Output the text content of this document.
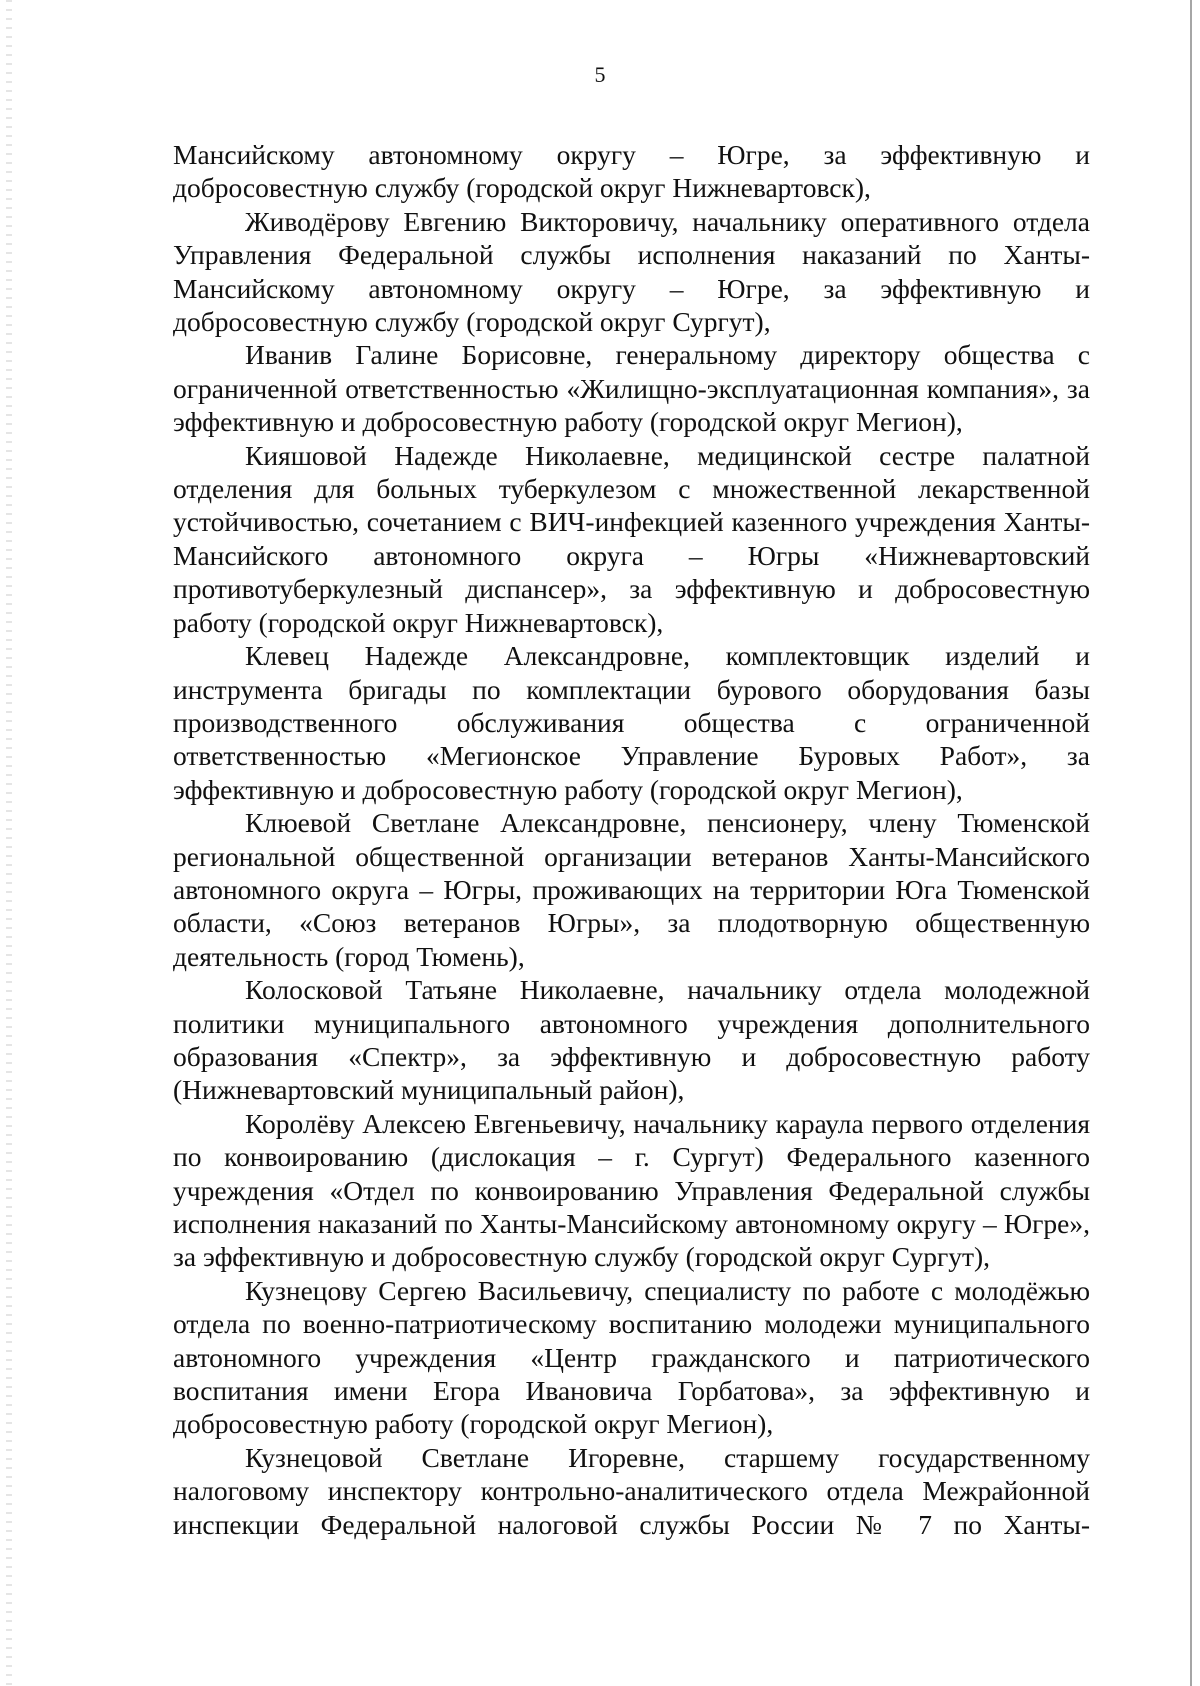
5

Мансийскому автономному округу – Югре, за эффективную и добросовестную службу (городской округ Нижневартовск),

Живодёрову Евгению Викторовичу, начальнику оперативного отдела Управления Федеральной службы исполнения наказаний по Ханты-Мансийскому автономному округу – Югре, за эффективную и добросовестную службу (городской округ Сургут),

Иванив Галине Борисовне, генеральному директору общества с ограниченной ответственностью «Жилищно-эксплуатационная компания», за эффективную и добросовестную работу (городской округ Мегион),

Кияшовой Надежде Николаевне, медицинской сестре палатной отделения для больных туберкулезом с множественной лекарственной устойчивостью, сочетанием с ВИЧ-инфекцией казенного учреждения Ханты-Мансийского автономного округа – Югры «Нижневартовский противотуберкулезный диспансер», за эффективную и добросовестную работу (городской округ Нижневартовск),

Клевец Надежде Александровне, комплектовщик изделий и инструмента бригады по комплектации бурового оборудования базы производственного обслуживания общества с ограниченной ответственностью «Мегионское Управление Буровых Работ», за эффективную и добросовестную работу (городской округ Мегион),

Клюевой Светлане Александровне, пенсионеру, члену Тюменской региональной общественной организации ветеранов Ханты-Мансийского автономного округа – Югры, проживающих на территории Юга Тюменской области, «Союз ветеранов Югры», за плодотворную общественную деятельность (город Тюмень),

Колосковой Татьяне Николаевне, начальнику отдела молодежной политики муниципального автономного учреждения дополнительного образования «Спектр», за эффективную и добросовестную работу (Нижневартовский муниципальный район),

Королёву Алексею Евгеньевичу, начальнику караула первого отделения по конвоированию (дислокация – г. Сургут) Федерального казенного учреждения «Отдел по конвоированию Управления Федеральной службы исполнения наказаний по Ханты-Мансийскому автономному округу – Югре», за эффективную и добросовестную службу (городской округ Сургут),

Кузнецову Сергею Васильевичу, специалисту по работе с молодёжью отдела по военно-патриотическому воспитанию молодежи муниципального автономного учреждения «Центр гражданского и патриотического воспитания имени Егора Ивановича Горбатова», за эффективную и добросовестную работу (городской округ Мегион),

Кузнецовой Светлане Игоревне, старшему государственному налоговому инспектору контрольно-аналитического отдела Межрайонной инспекции Федеральной налоговой службы России № 7 по Ханты-
